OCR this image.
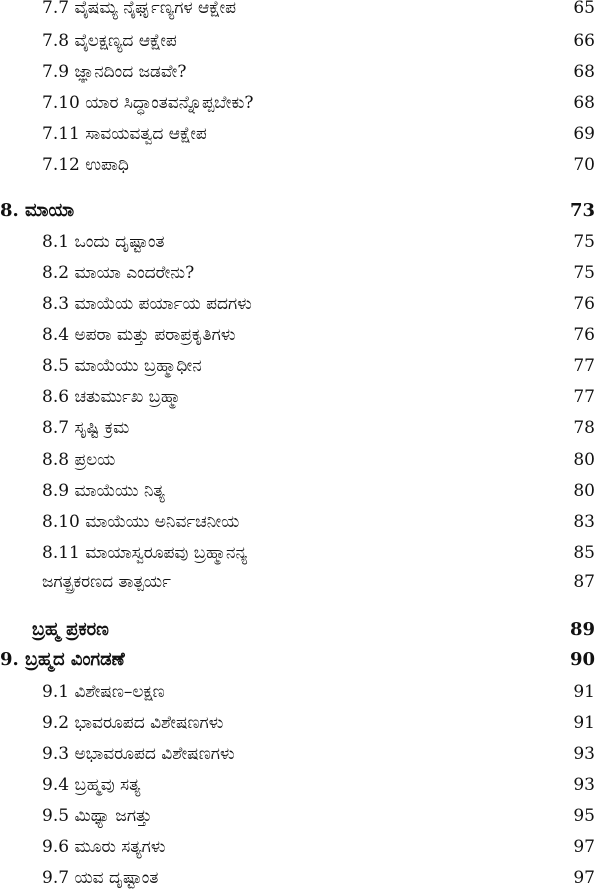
7.7 ವೈಷಮ್ಯ ನೈರ್ಘೃಣ್ಯಗಳ ಆಕ್ಷೇಪ	65
7.8 ವೈಲಕ್ಷಣ್ಯದ ಆಕ್ಷೇಪ	66
7.9 ಜ್ಞಾನದಿಂದ ಜಡವೇ?	68
7.10 ಯಾರ ಸಿದ್ಧಾಂತವನ್ನೊಪ್ಪಬೇಕು?	68
7.11 ಸಾವಯವತ್ವದ ಆಕ್ಷೇಪ	69
7.12 ಉಪಾಧಿ	70
8. ಮಾಯಾ	73
8.1 ಒಂದು ದೃಷ್ಟಾಂತ	75
8.2 ಮಾಯಾ ಎಂದರೇನು?	75
8.3 ಮಾಯೆಯ ಪರ್ಯಾಯ ಪದಗಳು	76
8.4 ಅಪರಾ ಮತ್ತು ಪರಾಪ್ರಕೃತಿಗಳು	76
8.5 ಮಾಯೆಯು ಬ್ರಹ್ಮಾಧೀನ	77
8.6 ಚತುರ್ಮುಖ ಬ್ರಹ್ಮಾ	77
8.7 ಸೃಷ್ಟಿ ಕ್ರಮ	78
8.8 ಪ್ರಲಯ	80
8.9 ಮಾಯೆಯು ನಿತ್ಯ	80
8.10 ಮಾಯೆಯು ಅನಿರ್ವಚನೀಯ	83
8.11 ಮಾಯಾಸ್ವರೂಪವು ಬ್ರಹ್ಮಾನನ್ಯ	85
ಜಗತ್ಪ್ರಕರಣದ ತಾತ್ಪರ್ಯ	87
ಬ್ರಹ್ಮ ಪ್ರಕರಣ	89
9. ಬ್ರಹ್ಮದ ವಿಂಗಡಣೆ	90
9.1 ವಿಶೇಷಣ–ಲಕ್ಷಣ	91
9.2 ಭಾವರೂಪದ ವಿಶೇಷಣಗಳು	91
9.3 ಅಭಾವರೂಪದ ವಿಶೇಷಣಗಳು	93
9.4 ಬ್ರಹ್ಮವು ಸತ್ಯ	93
9.5 ಮಿಥ್ಯಾ ಜಗತ್ತು	95
9.6 ಮೂರು ಸತ್ಯಗಳು	97
9.7 ಯವ ದೃಷ್ಟಾಂತ	97
